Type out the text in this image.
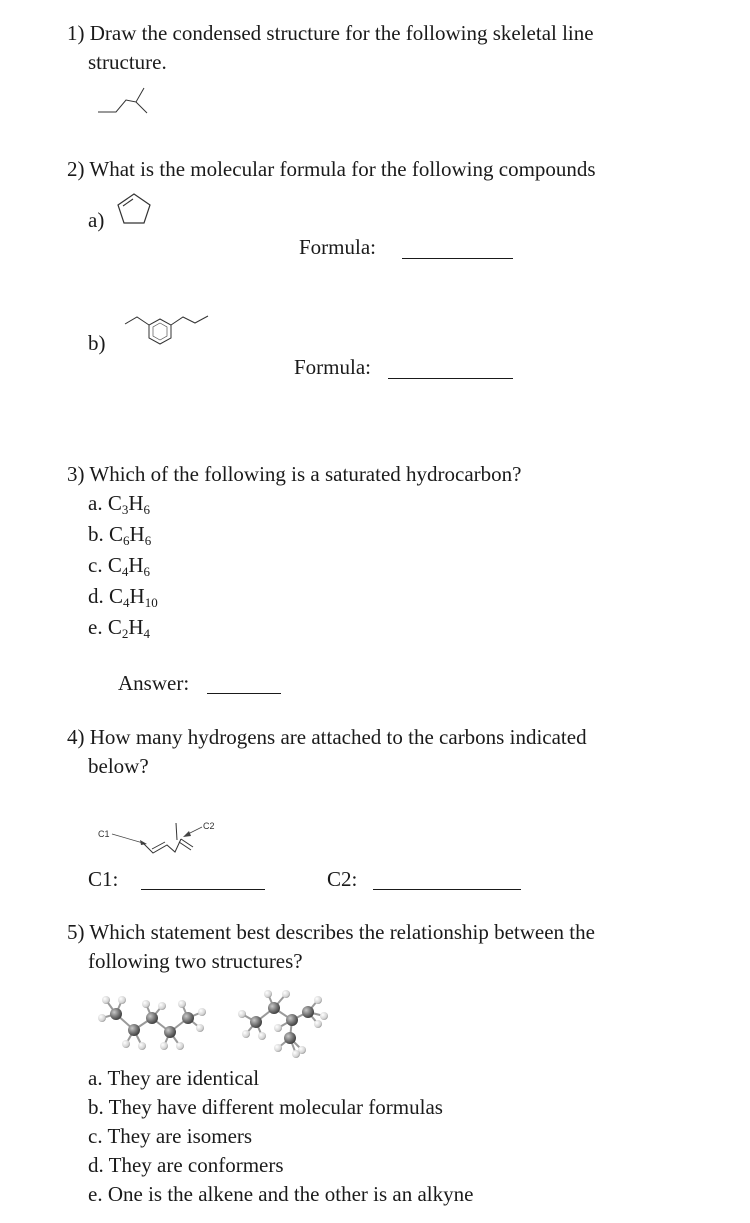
1) Draw the condensed structure for the following skeletal line
structure.
2) What is the molecular formula for the following compounds
a)
Formula:
b)
Formula:
3) Which of the following is a saturated hydrocarbon?
a. $C_3H_6$
b. $C_6H_6$
c. $C_4H_6$
d. $C_4H_{10}$
e. $C_2H_4$
Answer:
4) How many hydrogens are attached to the carbons indicated
below?
C1
C2
C1:	C2:
5) Which statement best describes the relationship between the
following two structures?
a. They are identical
b. They have different molecular formulas
c. They are isomers
d. They are conformers
e. One is the alkene and the other is an alkyne
